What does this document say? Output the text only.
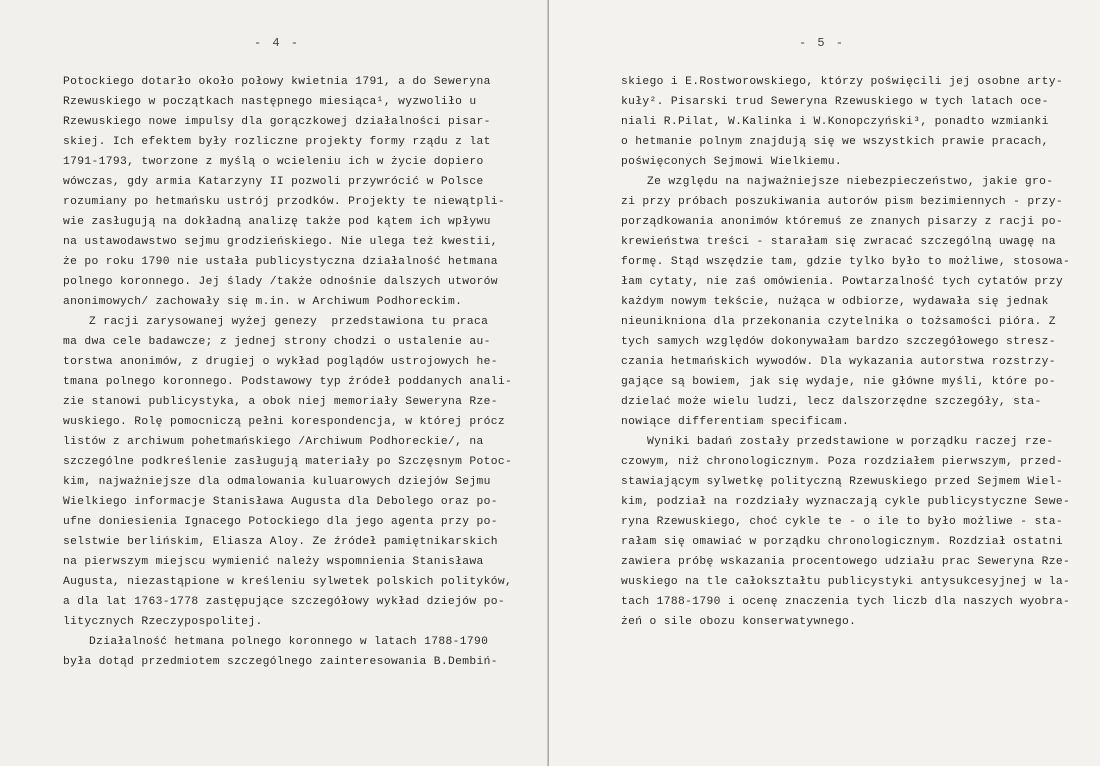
- 4 -
Potockiego dotarło około połowy kwietnia 1791, a do Seweryna
Rzewuskiego w początkach następnego miesiąca¹, wyzwoliło u
Rzewuskiego nowe impulsy dla gorączkowej działalności pisar-
skiej. Ich efektem były rozliczne projekty formy rządu z lat
1791-1793, tworzone z myślą o wcieleniu ich w życie dopiero
wówczas, gdy armia Katarzyny II pozwoli przywrócić w Polsce
rozumiany po hetmańsku ustrój przodków. Projekty te niewątpli-
wie zasługują na dokładną analizę także pod kątem ich wpływu
na ustawodawstwo sejmu grodzieńskiego. Nie ulega też kwestii,
że po roku 1790 nie ustała publicystyczna działalność hetmana
polnego koronnego. Jej ślady /także odnośnie dalszych utworów
anonimowych/ zachowały się m.in. w Archiwum Podhoreckim.
Z racji zarysowanej wyżej genezy  przedstawiona tu praca
ma dwa cele badawcze; z jednej strony chodzi o ustalenie au-
torstwa anonimów, z drugiej o wykład poglądów ustrojowych he-
tmana polnego koronnego. Podstawowy typ źródeł poddanych anali-
zie stanowi publicystyka, a obok niej memoriały Seweryna Rze-
wuskiego. Rolę pomocniczą pełni korespondencja, w której prócz
listów z archiwum pohetmańskiego /Archiwum Podhoreckie/, na
szczególne podkreślenie zasługują materiały po Szczęsnym Potoc-
kim, najważniejsze dla odmalowania kuluarowych dziejów Sejmu
Wielkiego informacje Stanisława Augusta dla Debolego oraz po-
ufne doniesienia Ignacego Potockiego dla jego agenta przy po-
selstwie berlińskim, Eliasza Aloy. Ze źródeł pamiętnikarskich
na pierwszym miejscu wymienić należy wspomnienia Stanisława
Augusta, niezastąpione w kreśleniu sylwetek polskich polityków,
a dla lat 1763-1778 zastępujące szczegółowy wykład dziejów po-
litycznych Rzeczypospolitej.
Działalność hetmana polnego koronnego w latach 1788-1790
była dotąd przedmiotem szczególnego zainteresowania B.Dembiń-
- 5 -
skiego i E.Rostworowskiego, którzy poświęcili jej osobne arty-
kuły². Pisarski trud Seweryna Rzewuskiego w tych latach oce-
niali R.Pilat, W.Kalinka i W.Konopczyński³, ponadto wzmianki
o hetmanie polnym znajdują się we wszystkich prawie pracach,
poświęconych Sejmowi Wielkiemu.
Ze względu na najważniejsze niebezpieczeństwo, jakie gro-
zi przy próbach poszukiwania autorów pism bezimiennych - przy-
porządkowania anonimów któremuś ze znanych pisarzy z racji po-
krewieństwa treści - starałam się zwracać szczególną uwagę na
formę. Stąd wszędzie tam, gdzie tylko było to możliwe, stosowa-
łam cytaty, nie zaś omówienia. Powtarzalność tych cytatów przy
każdym nowym tekście, nużąca w odbiorze, wydawała się jednak
nieunikniona dla przekonania czytelnika o tożsamości pióra. Z
tych samych względów dokonywałam bardzo szczegółowego stresz-
czania hetmańskich wywodów. Dla wykazania autorstwa rozstrzy-
gające są bowiem, jak się wydaje, nie główne myśli, które po-
dzielać może wielu ludzi, lecz dalszorzędne szczegóły, sta-
nowiące differentiam specificam.
Wyniki badań zostały przedstawione w porządku raczej rze-
czowym, niż chronologicznym. Poza rozdziałem pierwszym, przed-
stawiającym sylwetkę polityczną Rzewuskiego przed Sejmem Wiel-
kim, podział na rozdziały wyznaczają cykle publicystyczne Sewe-
ryna Rzewuskiego, choć cykle te - o ile to było możliwe - sta-
rałam się omawiać w porządku chronologicznym. Rozdział ostatni
zawiera próbę wskazania procentowego udziału prac Seweryna Rze-
wuskiego na tle całokształtu publicystyki antysukcesyjnej w la-
tach 1788-1790 i ocenę znaczenia tych liczb dla naszych wyobra-
żeń o sile obozu konserwatywnego.
